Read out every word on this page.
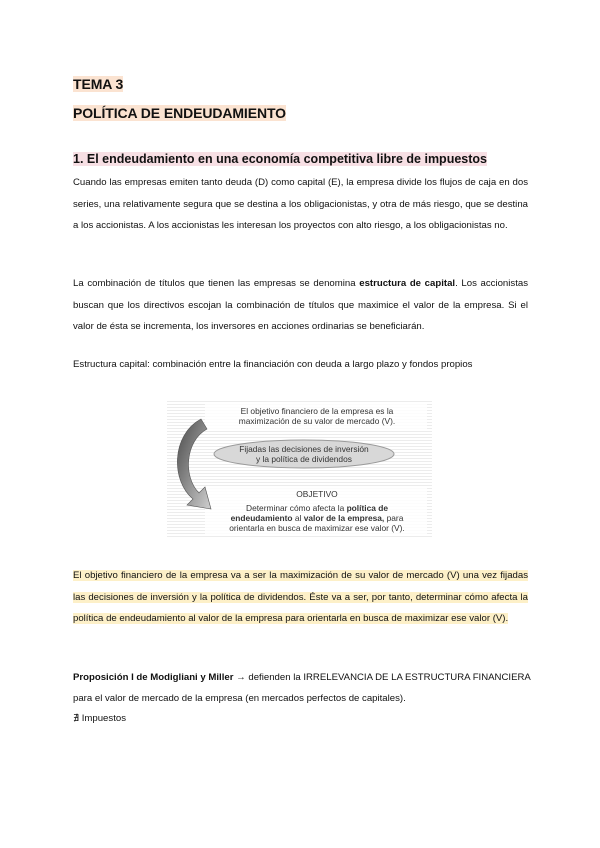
TEMA 3
POLÍTICA DE ENDEUDAMIENTO
1. El endeudamiento en una economía competitiva libre de impuestos

Cuando las empresas emiten tanto deuda (D) como capital (E), la empresa divide los flujos de caja en dos series, una relativamente segura que se destina a los obligacionistas, y otra de más riesgo, que se destina a los accionistas. A los accionistas les interesan los proyectos con alto riesgo, a los obligacionistas no.

La combinación de títulos que tienen las empresas se denomina estructura de capital. Los accionistas buscan que los directivos escojan la combinación de títulos que maximice el valor de la empresa. Si el valor de ésta se incrementa, los inversores en acciones ordinarias se beneficiarán.

Estructura capital: combinación entre la financiación con deuda a largo plazo y fondos propios
El objetivo financiero de la empresa es la
maximización de su valor de mercado (V).
Fijadas las decisiones de inversión
y la política de dividendos
OBJETIVO
Determinar cómo afecta la política de
endeudamiento al valor de la empresa, para
orientarla en busca de maximizar ese valor (V).

El objetivo financiero de la empresa va a ser la maximización de su valor de mercado (V) una vez fijadas las decisiones de inversión y la política de dividendos. Éste va a ser, por tanto, determinar cómo afecta la política de endeudamiento al valor de la empresa para orientarla en busca de maximizar ese valor (V).

Proposición I de Modigliani y Miller → defienden la IRRELEVANCIA DE LA ESTRUCTURA FINANCIERA
para el valor de mercado de la empresa (en mercados perfectos de capitales).
∄ Impuestos
